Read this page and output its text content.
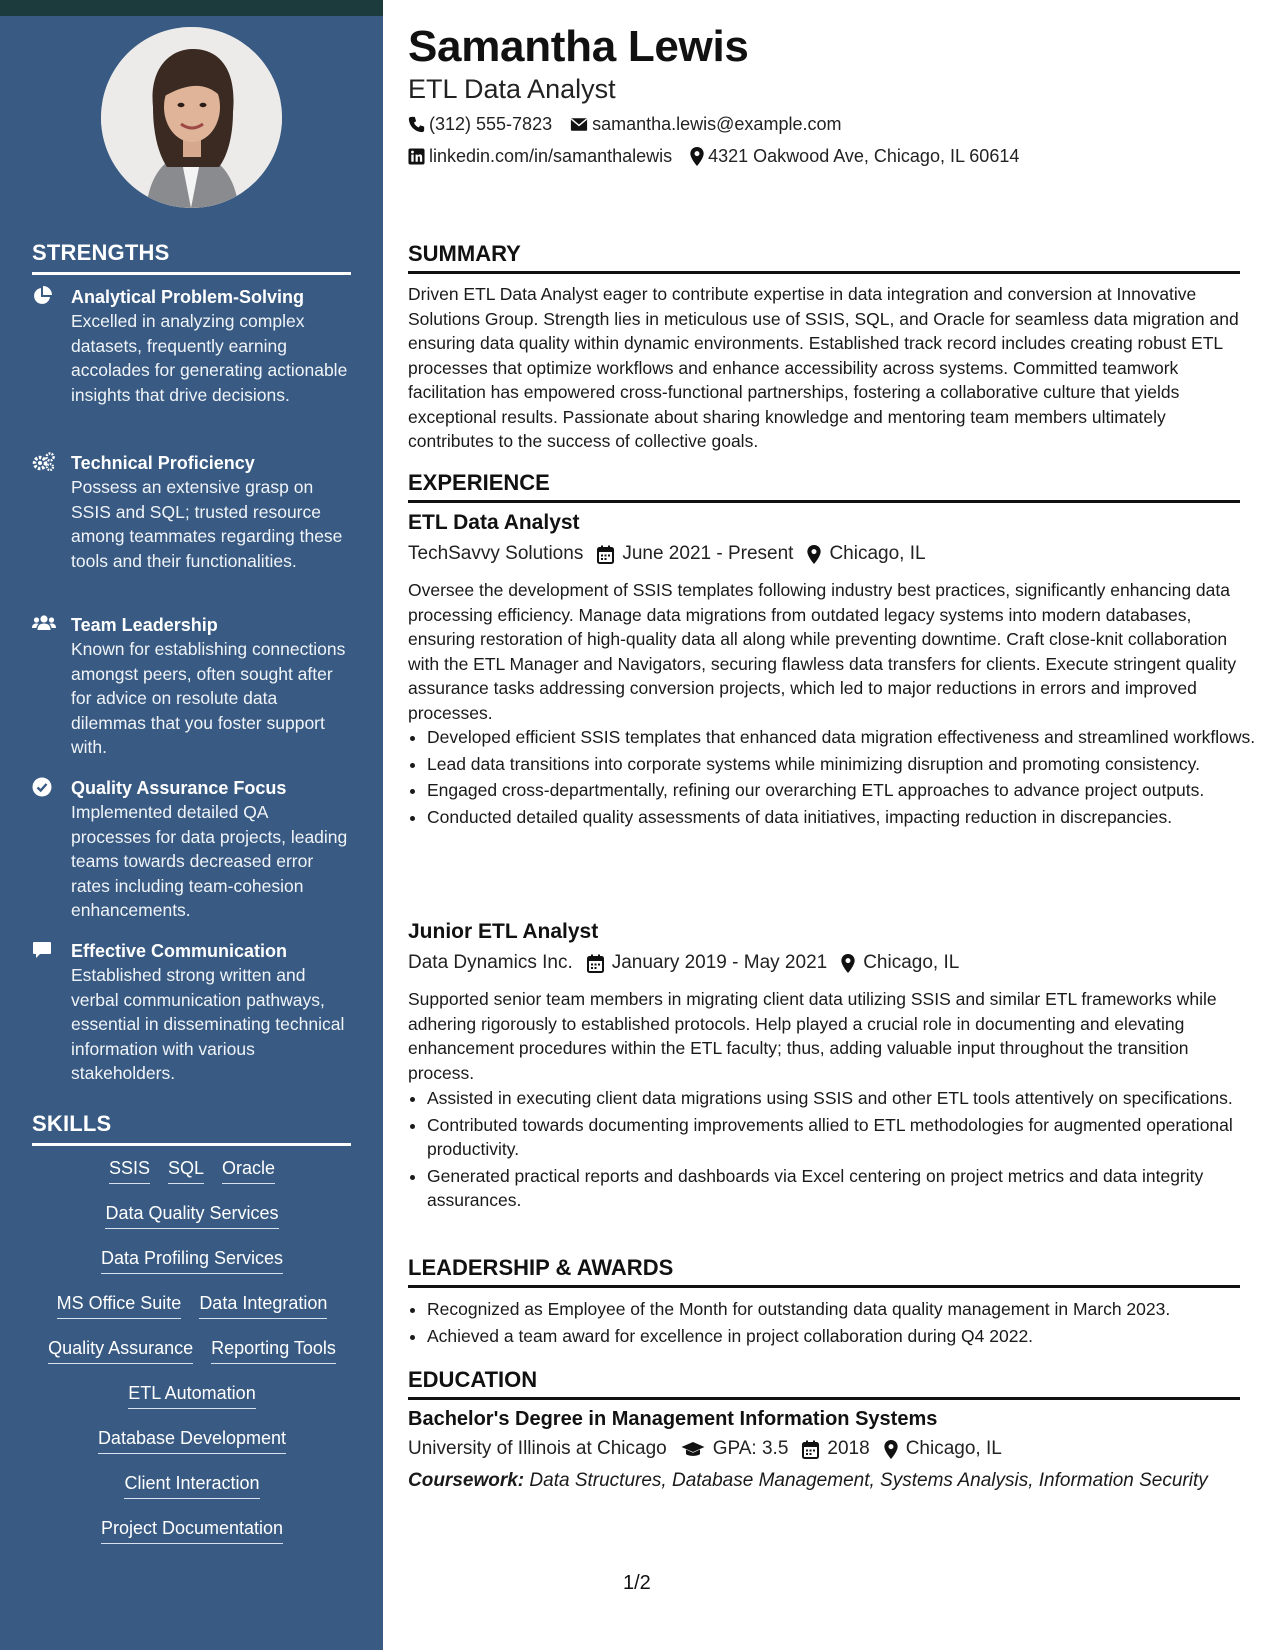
STRENGTHS
Analytical Problem-Solving
Excelled in analyzing complex datasets, frequently earning accolades for generating actionable insights that drive decisions.
Technical Proficiency
Possess an extensive grasp on SSIS and SQL; trusted resource among teammates regarding these tools and their functionalities.
Team Leadership
Known for establishing connections amongst peers, often sought after for advice on resolute data dilemmas that you foster support with.
Quality Assurance Focus
Implemented detailed QA processes for data projects, leading teams towards decreased error rates including team-cohesion enhancements.
Effective Communication
Established strong written and verbal communication pathways, essential in disseminating technical information with various stakeholders.
SKILLS
SSIS SQL Oracle
Data Quality Services
Data Profiling Services
MS Office Suite Data Integration
Quality Assurance Reporting Tools
ETL Automation
Database Development
Client Interaction
Project Documentation
Samantha Lewis
ETL Data Analyst
(312) 555-7823 samantha.lewis@example.com
linkedin.com/in/samanthalewis 4321 Oakwood Ave, Chicago, IL 60614
SUMMARY
Driven ETL Data Analyst eager to contribute expertise in data integration and conversion at Innovative Solutions Group. Strength lies in meticulous use of SSIS, SQL, and Oracle for seamless data migration and ensuring data quality within dynamic environments. Established track record includes creating robust ETL processes that optimize workflows and enhance accessibility across systems. Committed teamwork facilitation has empowered cross-functional partnerships, fostering a collaborative culture that yields exceptional results. Passionate about sharing knowledge and mentoring team members ultimately contributes to the success of collective goals.
EXPERIENCE
ETL Data Analyst
TechSavvy Solutions June 2021 - Present Chicago, IL
Oversee the development of SSIS templates following industry best practices, significantly enhancing data processing efficiency. Manage data migrations from outdated legacy systems into modern databases, ensuring restoration of high-quality data all along while preventing downtime. Craft close-knit collaboration with the ETL Manager and Navigators, securing flawless data transfers for clients. Execute stringent quality assurance tasks addressing conversion projects, which led to major reductions in errors and improved processes.
• Developed efficient SSIS templates that enhanced data migration effectiveness and streamlined workflows.
• Lead data transitions into corporate systems while minimizing disruption and promoting consistency.
• Engaged cross-departmentally, refining our overarching ETL approaches to advance project outputs.
• Conducted detailed quality assessments of data initiatives, impacting reduction in discrepancies.
Junior ETL Analyst
Data Dynamics Inc. January 2019 - May 2021 Chicago, IL
Supported senior team members in migrating client data utilizing SSIS and similar ETL frameworks while adhering rigorously to established protocols. Help played a crucial role in documenting and elevating enhancement procedures within the ETL faculty; thus, adding valuable input throughout the transition process.
• Assisted in executing client data migrations using SSIS and other ETL tools attentively on specifications.
• Contributed towards documenting improvements allied to ETL methodologies for augmented operational productivity.
• Generated practical reports and dashboards via Excel centering on project metrics and data integrity assurances.
LEADERSHIP & AWARDS
• Recognized as Employee of the Month for outstanding data quality management in March 2023.
• Achieved a team award for excellence in project collaboration during Q4 2022.
EDUCATION
Bachelor's Degree in Management Information Systems
University of Illinois at Chicago GPA: 3.5 2018 Chicago, IL
Coursework: Data Structures, Database Management, Systems Analysis, Information Security
1/2
